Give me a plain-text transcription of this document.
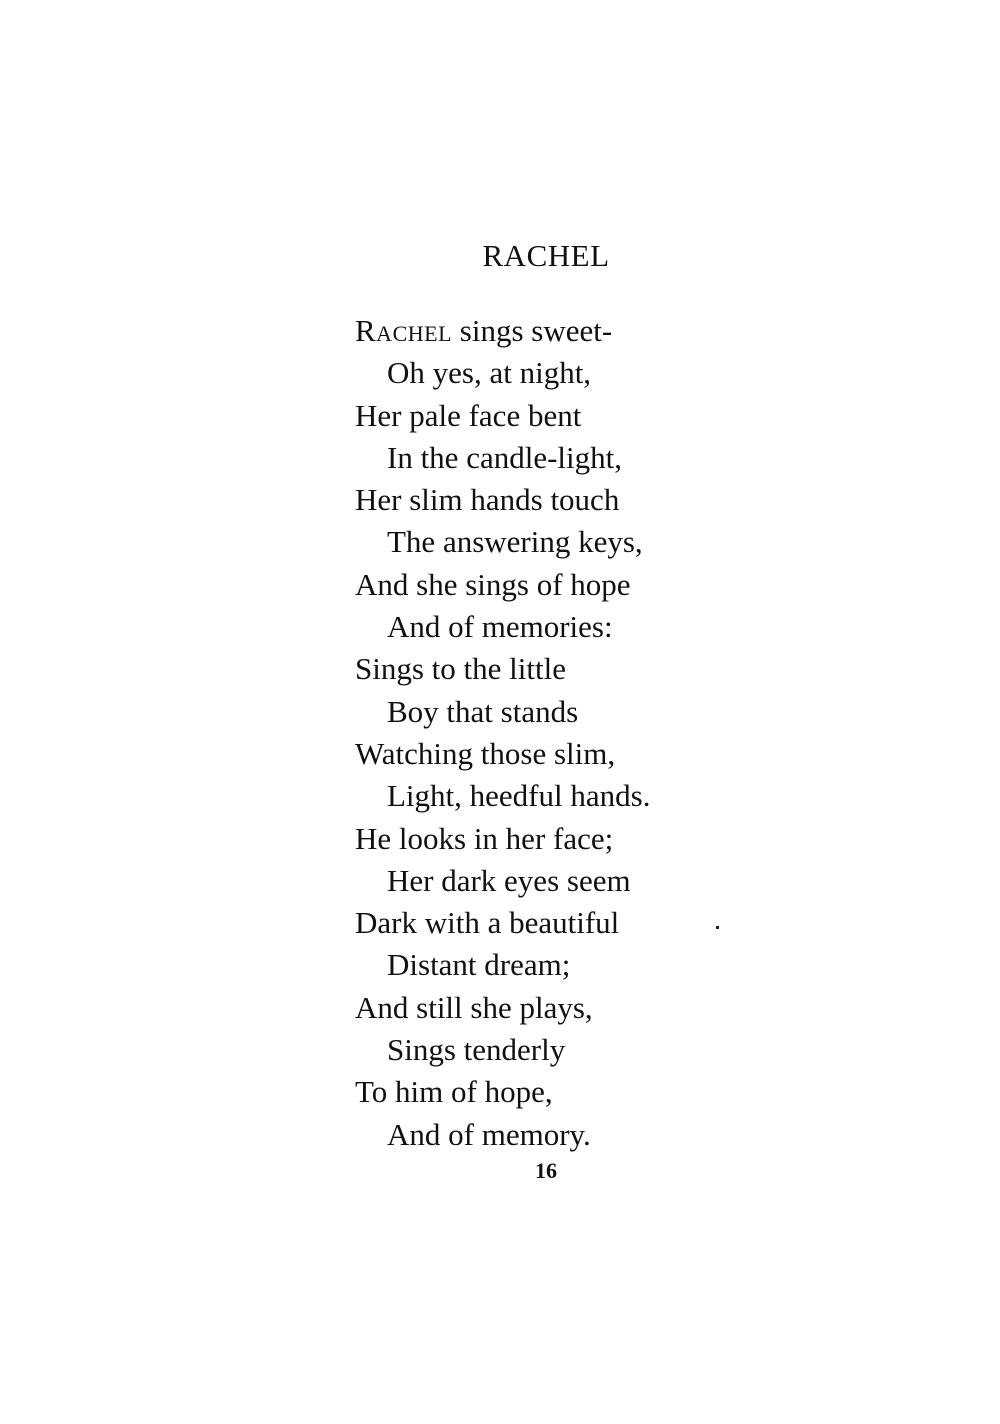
RACHEL

Rachel sings sweet-

Oh yes, at night,

Her pale face bent

In the candle-light,

Her slim hands touch

The answering keys,

And she sings of hope

And of memories:

Sings to the little

Boy that stands

Watching those slim,

Light, heedful hands.

He looks in her face;

Her dark eyes seem

Dark with a beautiful

Distant dream;

And still she plays,

Sings tenderly

To him of hope,

And of memory.

16
